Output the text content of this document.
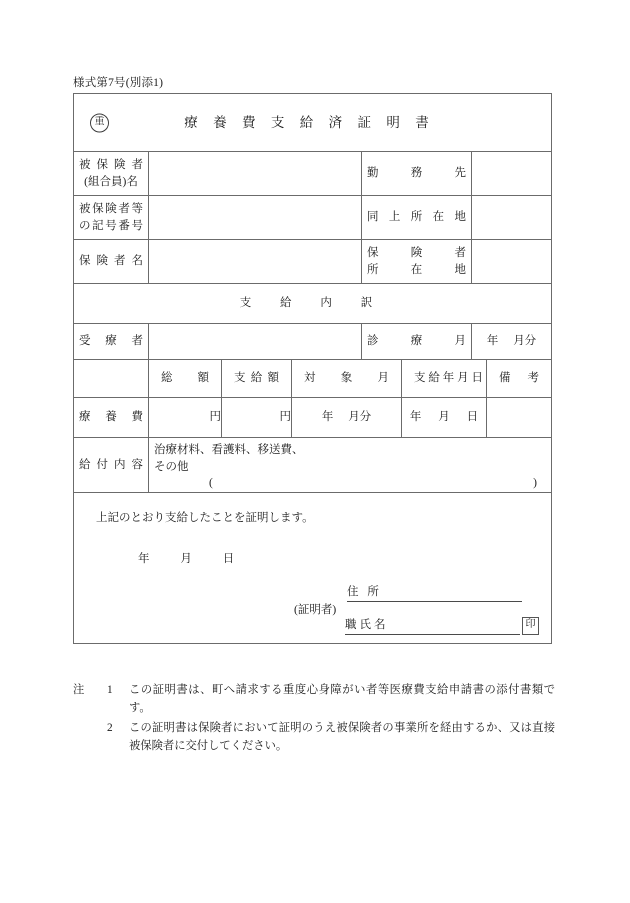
様式第7号(別添1)
重 療 養 費 支 給 済 証 明 書							

被 保 険 者
(組合員)名				勤 務 先			

被保険者等
の記号番号				同上所在地			

保 険 者 名				保 険 者
所 在 地			

支 給 内 訳							

受 療 者				診 療 月		年 月分	

	総 額	支 給 額	対 象 月		支 給 年 月 日		備 考

療 養 費	円	円	年 月分		年 月 日		

給 付 内 容	治療材料、看護料、移送費、
その他
( )						

上記のとおり支給したことを証明します。
年	月	日
(証明者)
住 所
職氏名	印
注	1	この証明書は、町へ請求する重度心身障がい者等医療費支給申請書の添付書類です。
2	この証明書は保険者において証明のうえ被保険者の事業所を経由するか、又は直接被保険者に交付してください。
